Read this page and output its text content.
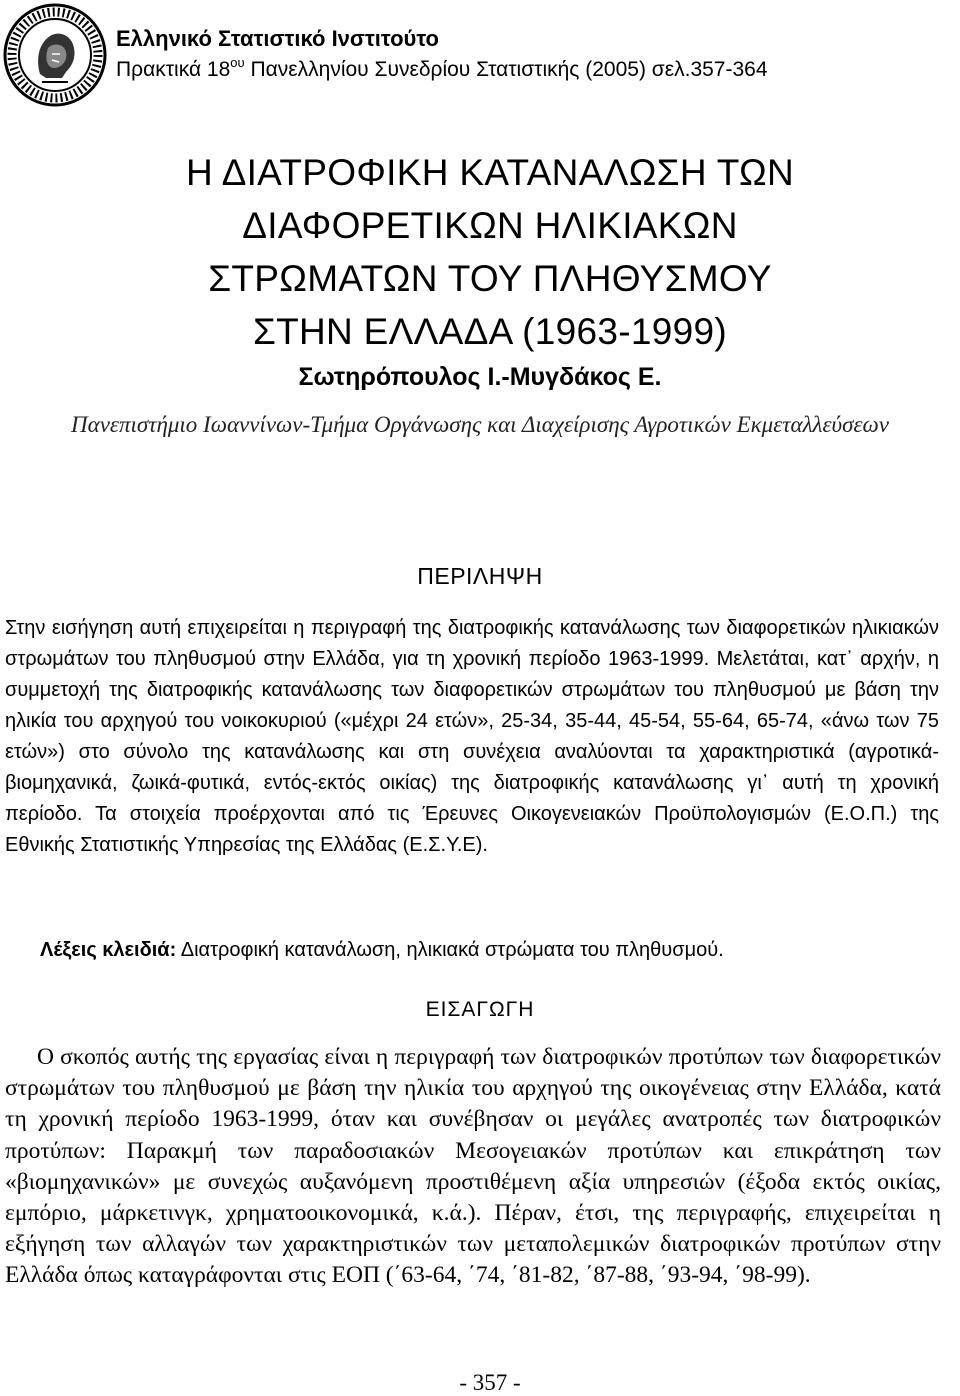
Ελληνικό Στατιστικό Ινστιτούτο
Πρακτικά $18^{o\upsilon}$ Πανελληνίου Συνεδρίου Στατιστικής (2005) σελ.357-364
Η ΔΙΑΤΡΟΦΙΚΗ ΚΑΤΑΝΑΛΩΣΗ ΤΩΝ
ΔΙΑΦΟΡΕΤΙΚΩΝ ΗΛΙΚΙΑΚΩΝ
ΣΤΡΩΜΑΤΩΝ ΤΟΥ ΠΛΗΘΥΣΜΟΥ
ΣΤΗΝ ΕΛΛΑΔΑ (1963-1999)
Σωτηρόπουλος Ι.-Μυγδάκος Ε.
Πανεπιστήμιο Ιωαννίνων-Τμήμα Οργάνωσης και Διαχείρισης Αγροτικών Εκμεταλλεύσεων
ΠΕΡΙΛΗΨΗ
Στην εισήγηση αυτή επιχειρείται η περιγραφή της διατροφικής κατανάλωσης των διαφορετικών ηλικιακών στρωμάτων του πληθυσμού στην Ελλάδα, για τη χρονική περίοδο 1963-1999. Μελετάται, κατ᾽ αρχήν, η συμμετοχή της διατροφικής κατανάλωσης των διαφορετικών στρωμάτων του πληθυσμού με βάση την ηλικία του αρχηγού του νοικοκυριού («μέχρι 24 ετών», 25-34, 35-44, 45-54, 55-64, 65-74, «άνω των 75 ετών») στο σύνολο της κατανάλωσης και στη συνέχεια αναλύονται τα χαρακτηριστικά (αγροτικά-βιομηχανικά, ζωικά-φυτικά, εντός-εκτός οικίας) της διατροφικής κατανάλωσης γι᾽ αυτή τη χρονική περίοδο. Τα στοιχεία προέρχονται από τις Έρευνες Οικογενειακών Προϋπολογισμών (Ε.Ο.Π.) της Εθνικής Στατιστικής Υπηρεσίας της Ελλάδας (Ε.Σ.Υ.Ε).
Λέξεις κλειδιά: Διατροφική κατανάλωση, ηλικιακά στρώματα του πληθυσμού.
ΕΙΣΑΓΩΓΗ
Ο σκοπός αυτής της εργασίας είναι η περιγραφή των διατροφικών προτύπων των διαφορετικών στρωμάτων του πληθυσμού με βάση την ηλικία του αρχηγού της οικογένειας στην Ελλάδα, κατά τη χρονική περίοδο 1963-1999, όταν και συνέβησαν οι μεγάλες ανατροπές των διατροφικών προτύπων: Παρακμή των παραδοσιακών Μεσογειακών προτύπων και επικράτηση των «βιομηχανικών» με συνεχώς αυξανόμενη προστιθέμενη αξία υπηρεσιών (έξοδα εκτός οικίας, εμπόριο, μάρκετινγκ, χρηματοοικονομικά, κ.ά.). Πέραν, έτσι, της περιγραφής, επιχειρείται η εξήγηση των αλλαγών των χαρακτηριστικών των μεταπολεμικών διατροφικών προτύπων στην Ελλάδα όπως καταγράφονται στις ΕΟΠ (΄63-64, ΄74, ΄81-82, ΄87-88, ΄93-94, ΄98-99).
- 357 -
